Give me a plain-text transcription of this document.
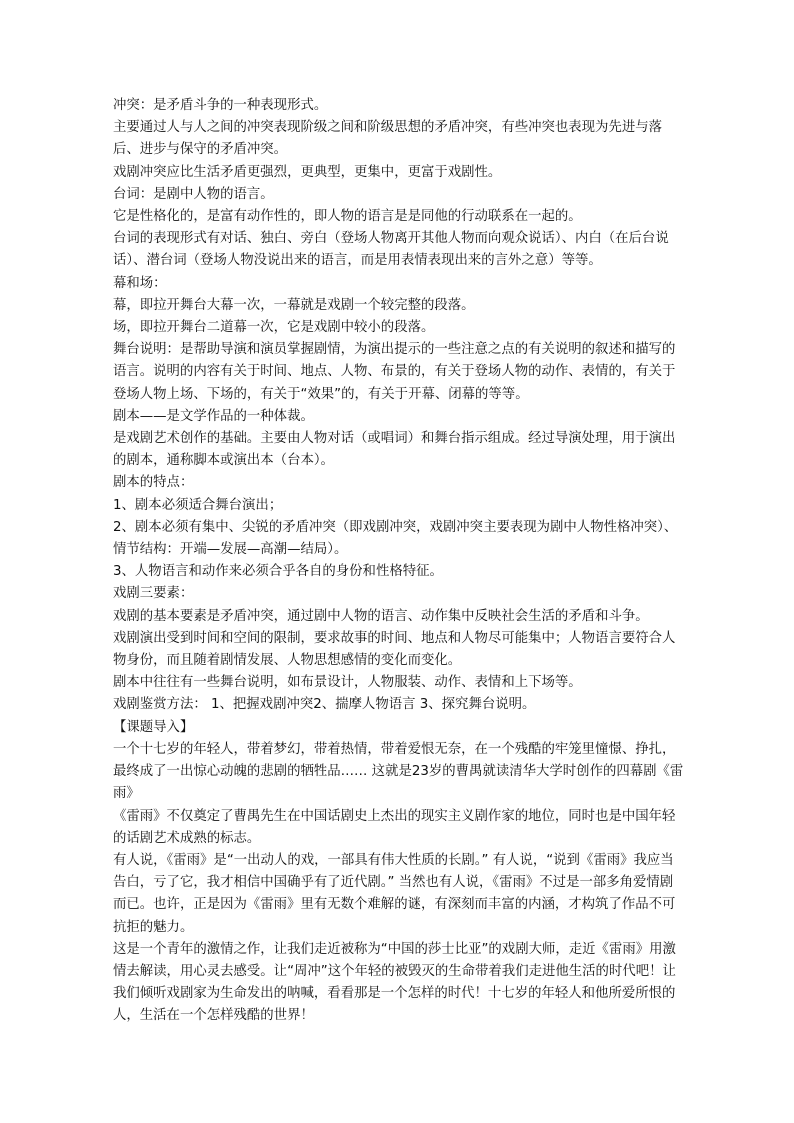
冲突：是矛盾斗争的一种表现形式。

主要通过人与人之间的冲突表现阶级之间和阶级思想的矛盾冲突，有些冲突也表现为先进与落后、进步与保守的矛盾冲突。

戏剧冲突应比生活矛盾更强烈，更典型，更集中，更富于戏剧性。

台词：是剧中人物的语言。

它是性格化的，是富有动作性的，即人物的语言是是同他的行动联系在一起的。

台词的表现形式有对话、独白、旁白（登场人物离开其他人物而向观众说话）、内白（在后台说话）、潜台词（登场人物没说出来的语言，而是用表情表现出来的言外之意）等等。

幕和场：

幕，即拉开舞台大幕一次，一幕就是戏剧一个较完整的段落。

场，即拉开舞台二道幕一次，它是戏剧中较小的段落。

舞台说明：是帮助导演和演员掌握剧情，为演出提示的一些注意之点的有关说明的叙述和描写的语言。说明的内容有关于时间、地点、人物、布景的，有关于登场人物的动作、表情的，有关于登场人物上场、下场的，有关于“效果”的，有关于开幕、闭幕的等等。

剧本——是文学作品的一种体裁。

是戏剧艺术创作的基础。主要由人物对话（或唱词）和舞台指示组成。经过导演处理，用于演出的剧本，通称脚本或演出本（台本）。

剧本的特点：

1、剧本必须适合舞台演出；

2、剧本必须有集中、尖锐的矛盾冲突（即戏剧冲突，戏剧冲突主要表现为剧中人物性格冲突）、情节结构：开端—发展—高潮—结局）。

3、人物语言和动作来必须合乎各自的身份和性格特征。

戏剧三要素：

戏剧的基本要素是矛盾冲突，通过剧中人物的语言、动作集中反映社会生活的矛盾和斗争。

戏剧演出受到时间和空间的限制，要求故事的时间、地点和人物尽可能集中；人物语言要符合人物身份，而且随着剧情发展、人物思想感情的变化而变化。

剧本中往往有一些舞台说明，如布景设计，人物服装、动作、表情和上下场等。

戏剧鉴赏方法： 1、把握戏剧冲突2、揣摩人物语言 3、探究舞台说明。

【课题导入】

一个十七岁的年轻人，带着梦幻，带着热情，带着爱恨无奈，在一个残酷的牢笼里憧憬、挣扎，最终成了一出惊心动魄的悲剧的牺牲品…… 这就是23岁的曹禺就读清华大学时创作的四幕剧《雷雨》

《雷雨》不仅奠定了曹禺先生在中国话剧史上杰出的现实主义剧作家的地位，同时也是中国年轻的话剧艺术成熟的标志。

有人说，《雷雨》是“一出动人的戏，一部具有伟大性质的长剧。” 有人说，“说到《雷雨》我应当告白，亏了它，我才相信中国确乎有了近代剧。” 当然也有人说，《雷雨》不过是一部多角爱情剧而已。也许，正是因为《雷雨》里有无数个难解的谜，有深刻而丰富的内涵，才构筑了作品不可抗拒的魅力。

这是一个青年的激情之作，让我们走近被称为“中国的莎士比亚”的戏剧大师，走近《雷雨》用激情去解读，用心灵去感受。让“周冲”这个年轻的被毁灭的生命带着我们走进他生活的时代吧！让我们倾听戏剧家为生命发出的呐喊，看看那是一个怎样的时代！十七岁的年轻人和他所爱所恨的人，生活在一个怎样残酷的世界！
